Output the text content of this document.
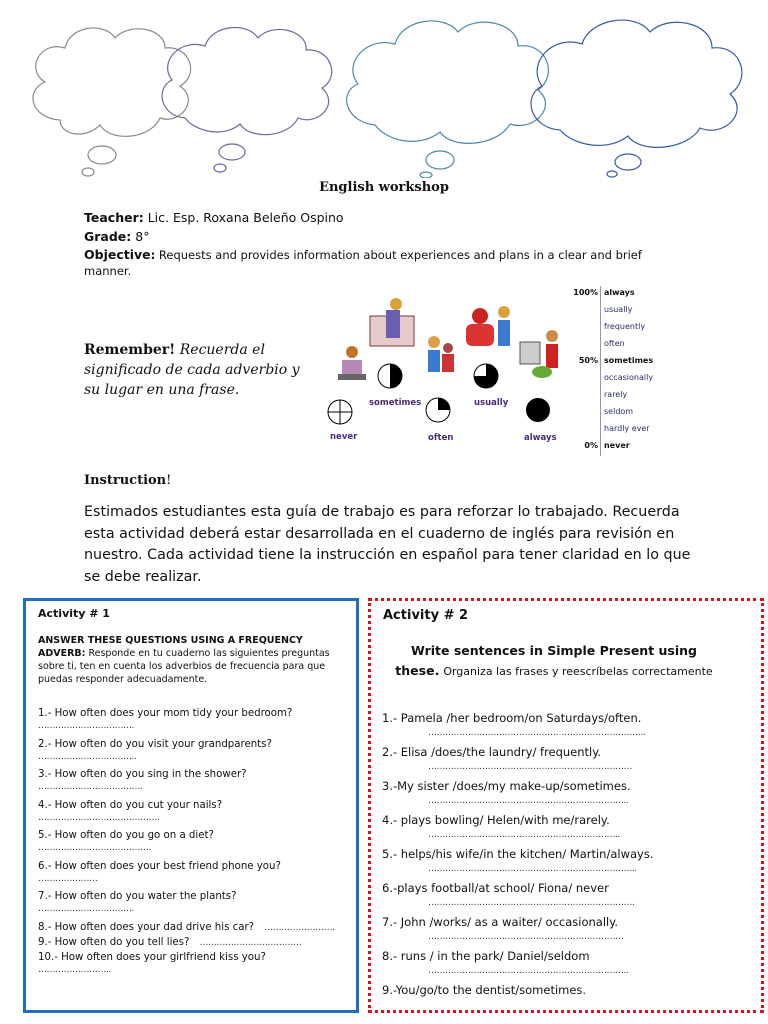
English workshop
Teacher: Lic. Esp. Roxana Beleño Ospino
Grade: 8°
Objective: Requests and provides information about experiences and plans in a clear and brief manner.
Remember! Recuerda el significado de cada adverbio y su lugar en una frase.
never
sometimes
often
usually
always
100% always
usually
frequently
often
50% sometimes
occasionally
rarely
seldom
hardly ever
0% never
Instruction!
Estimados estudiantes esta guía de trabajo es para reforzar lo trabajado. Recuerda esta actividad deberá estar desarrollada en el cuaderno de inglés para revisión en nuestro. Cada actividad tiene la instrucción en español para tener claridad en lo que se debe realizar.
Activity # 1
ANSWER THESE QUESTIONS USING A FREQUENCY ADVERB: Responde en tu cuaderno las siguientes preguntas sobre ti, ten en cuenta los adverbios de frecuencia para que puedas responder adecuadamente.
1.- How often does your mom tidy your bedroom?
…………………………….
2.- How often do you visit your grandparents?
……………………………..
3.- How often do you sing in the shower?
……………………………….
4.- How often do you cut your nails?
…………………………………….
5.- How often do you go on a diet?
………………………………….
6.- How often does your best friend phone you?
…………………
7.- How often do you water the plants?
…………………………….
8.- How often does your dad drive his car? …………………….
9.- How often do you tell lies? ………………………………
10.- How often does your girlfriend kiss you?
……………………..
Activity # 2
Write sentences in Simple Present using these. Organiza las frases y reescríbelas correctamente
1.- Pamela /her bedroom/on Saturdays/often.
…………………………………………………………………..
2.- Elisa /does/the laundry/ frequently.
………………………………………………………………
3.-My sister /does/my make-up/sometimes.
……………………………………………………………..
4.- plays bowling/ Helen/with me/rarely.
…………………………………………………………..
5.- helps/his wife/in the kitchen/ Martin/always.
………………………………………………………………..
6.-plays football/at school/ Fiona/ never
……………………………………………………………….
7.- John /works/ as a waiter/ occasionally.
……………………………………………………………
8.- runs / in the park/ Daniel/seldom
……………………………………………………………..
9.-You/go/to the dentist/sometimes.
